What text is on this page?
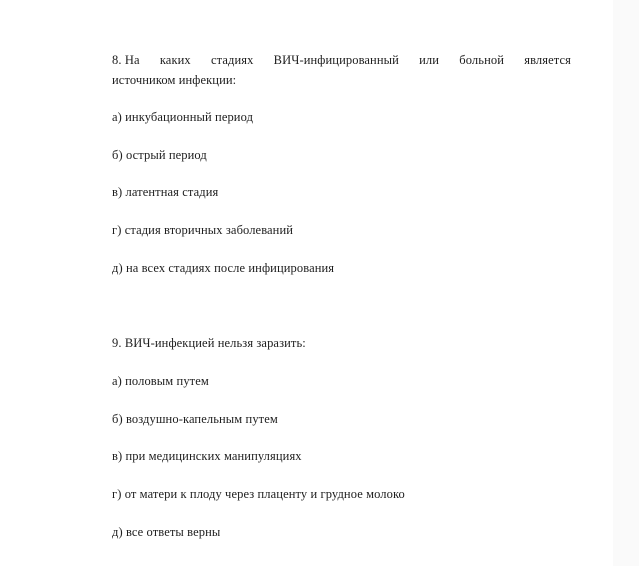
8. Ha каких стадиях ВИЧ-инфицированный или больной является
источником инфекции:
а) инкубационный период
б) острый период
в) латентная стадия
г) стадия вторичных заболеваний
д) на всех стадиях после инфицирования
9. ВИЧ-инфекцией нельзя заразить:
а) половым путем
б) воздушно-капельным путем
в) при медицинских манипуляциях
г) от матери к плоду через плаценту и грудное молоко
д) все ответы верны
